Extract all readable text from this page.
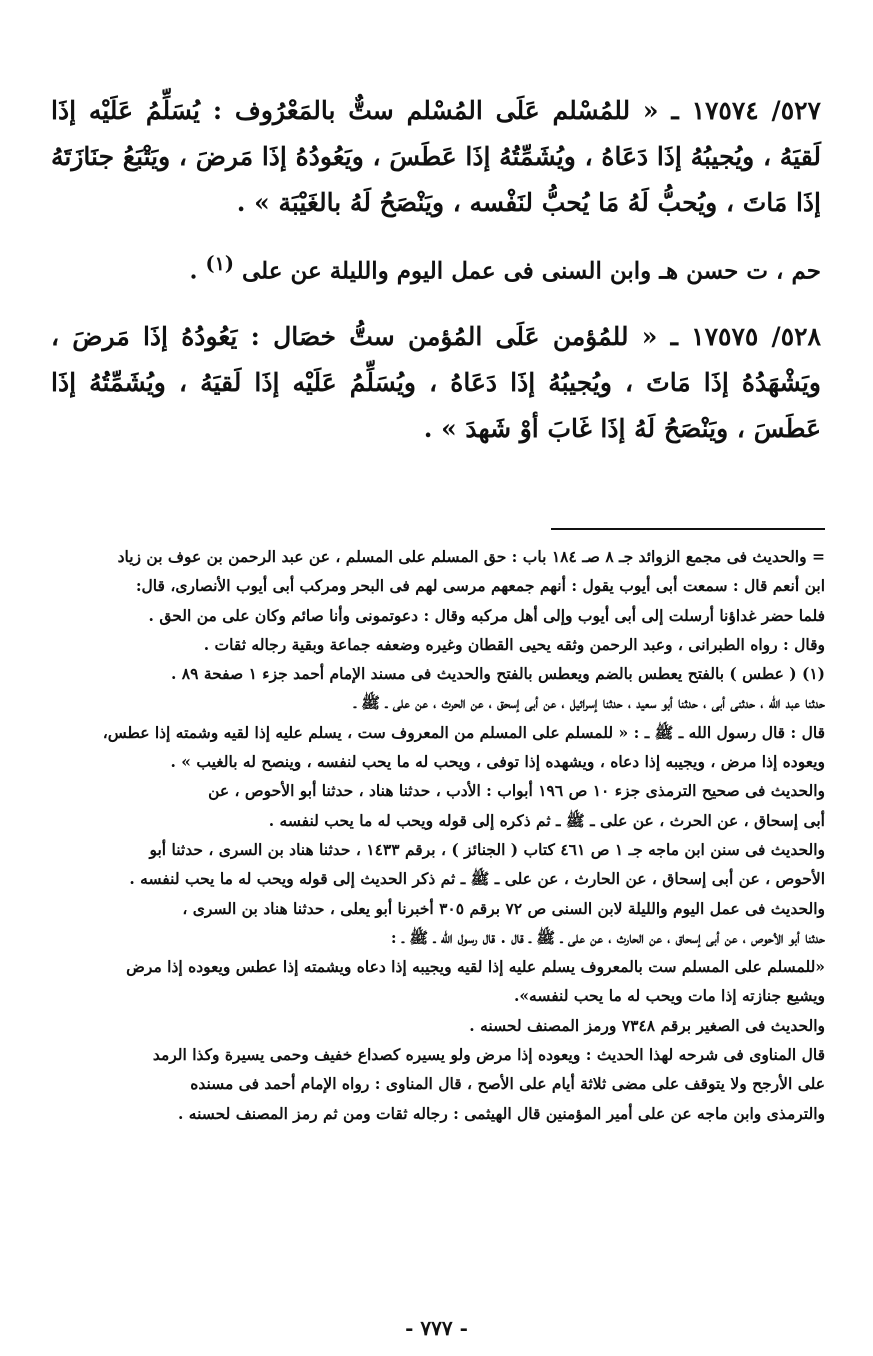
٥٢٧/ ١٧٥٧٤ ـ « للمُسْلم عَلَى المُسْلم ستٌّ بالمَعْرُوف : يُسَلِّمُ عَلَيْه إذَا لَقيَهُ ، ويُجيبُهُ إذَا دَعَاهُ ، ويُشَمِّتُهُ إذَا عَطَسَ ، ويَعُودُهُ إذَا مَرضَ ، ويَتْبَعُ جنَازَتَهُ إذَا مَاتَ ، ويُحبُّ لَهُ مَا يُحبُّ لنَفْسه ، ويَنْصَحُ لَهُ بالغَيْبَة » .

حم ، ت حسن هـ وابن السنى فى عمل اليوم والليلة عن على $^{(١)}$ .

٥٢٨/ ١٧٥٧٥ ـ « للمُؤمن عَلَى المُؤمن ستُّ خصَال : يَعُودُهُ إذَا مَرضَ ، ويَشْهَدُهُ إذَا مَاتَ ، ويُجيبُهُ إذَا دَعَاهُ ، ويُسَلِّمُ عَلَيْه إذَا لَقيَهُ ، ويُشَمِّتُهُ إذَا عَطَسَ ، ويَنْصَحُ لَهُ إذَا غَابَ أوْ شَهدَ » .

= والحديث فى مجمع الزوائد جـ ٨ صـ ١٨٤ باب : حق المسلم على المسلم ، عن عبد الرحمن بن عوف بن زياد

ابن أنعم قال : سمعت أبى أيوب يقول : أنهم جمعهم مرسى لهم فى البحر ومركب أبى أيوب الأنصارى، قال:

فلما حضر غداؤنا أرسلت إلى أبى أيوب وإلى أهل مركبه وقال : دعوتمونى وأنا صائم وكان على من الحق .

وقال : رواه الطبرانى ، وعبد الرحمن وثقه يحيى القطان وغيره وضعفه جماعة وبقية رجاله ثقات .

(١) ( عطس ) بالفتح يعطس بالضم ويعطس بالفتح والحديث فى مسند الإمام أحمد جزء ١ صفحة ٨٩ .

حدثنا عبد الله ، حدثنى أبى ، حدثنا أبو سعيد ، حدثنا إسرائيل ، عن أبى إسحق ، عن الحرث ، عن على ـ ﷺ ـ

قال : قال رسول الله ـ ﷺ ـ : « للمسلم على المسلم من المعروف ست ، يسلم عليه إذا لقيه وشمته إذا عطس،

ويعوده إذا مرض ، ويجيبه إذا دعاه ، ويشهده إذا توفى ، ويحب له ما يحب لنفسه ، وينصح له بالغيب » .

والحديث فى صحيح الترمذى جزء ١٠ ص ١٩٦ أبواب : الأدب ، حدثنا هناد ، حدثنا أبو الأحوص ، عن

أبى إسحاق ، عن الحرث ، عن على ـ ﷺ ـ ثم ذكره إلى قوله ويحب له ما يحب لنفسه .

والحديث فى سنن ابن ماجه جـ ١ ص ٤٦١ كتاب ( الجنائز ) ، برقم ١٤٣٣ ، حدثنا هناد بن السرى ، حدثنا أبو

الأحوص ، عن أبى إسحاق ، عن الحارث ، عن على ـ ﷺ ـ ثم ذكر الحديث إلى قوله ويحب له ما يحب لنفسه .

والحديث فى عمل اليوم والليلة لابن السنى ص ٧٢ برقم ٣٠٥ أخبرنا أبو يعلى ، حدثنا هناد بن السرى ،

حدثنا أبو الأحوص ، عن أبى إسحاق ، عن الحارث ، عن على ـ ﷺ ـ قال . قال رسول الله ـ ﷺ ـ :

«للمسلم على المسلم ست بالمعروف يسلم عليه إذا لقيه ويجيبه إذا دعاه ويشمته إذا عطس ويعوده إذا مرض

ويشيع جنازته إذا مات ويحب له ما يحب لنفسه».

والحديث فى الصغير برقم ٧٣٤٨ ورمز المصنف لحسنه .

قال المناوى فى شرحه لهذا الحديث : ويعوده إذا مرض ولو يسيره كصداع خفيف وحمى يسيرة وكذا الرمد

على الأرجح ولا يتوقف على مضى ثلاثة أيام على الأصح ، قال المناوى : رواه الإمام أحمد فى مسنده

والترمذى وابن ماجه عن على أمير المؤمنين قال الهيثمى : رجاله ثقات ومن ثم رمز المصنف لحسنه .

- ٧٧٧ -
